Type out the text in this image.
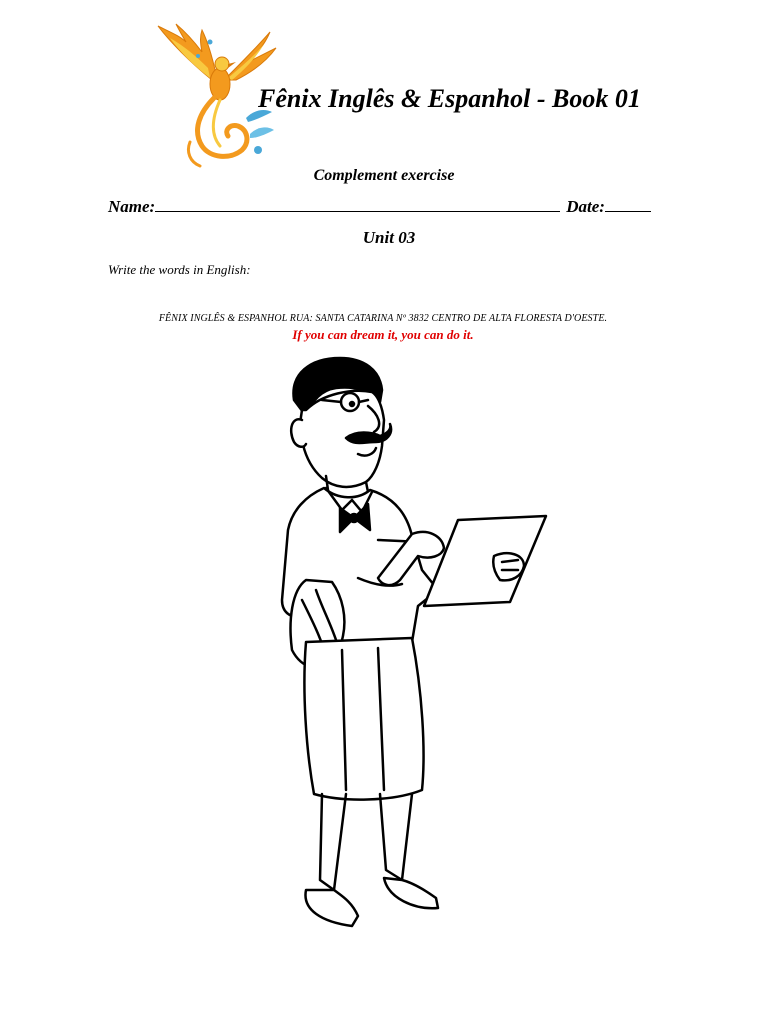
Fênix Inglês & Espanhol - Book 01
Complement exercise
Name:	Date:
Unit 03
Write the words in English:
FÊNIX INGLÊS & ESPANHOL RUA: SANTA CATARINA Nº 3832 CENTRO DE ALTA FLORESTA D'OESTE.
If you can dream it, you can do it.
